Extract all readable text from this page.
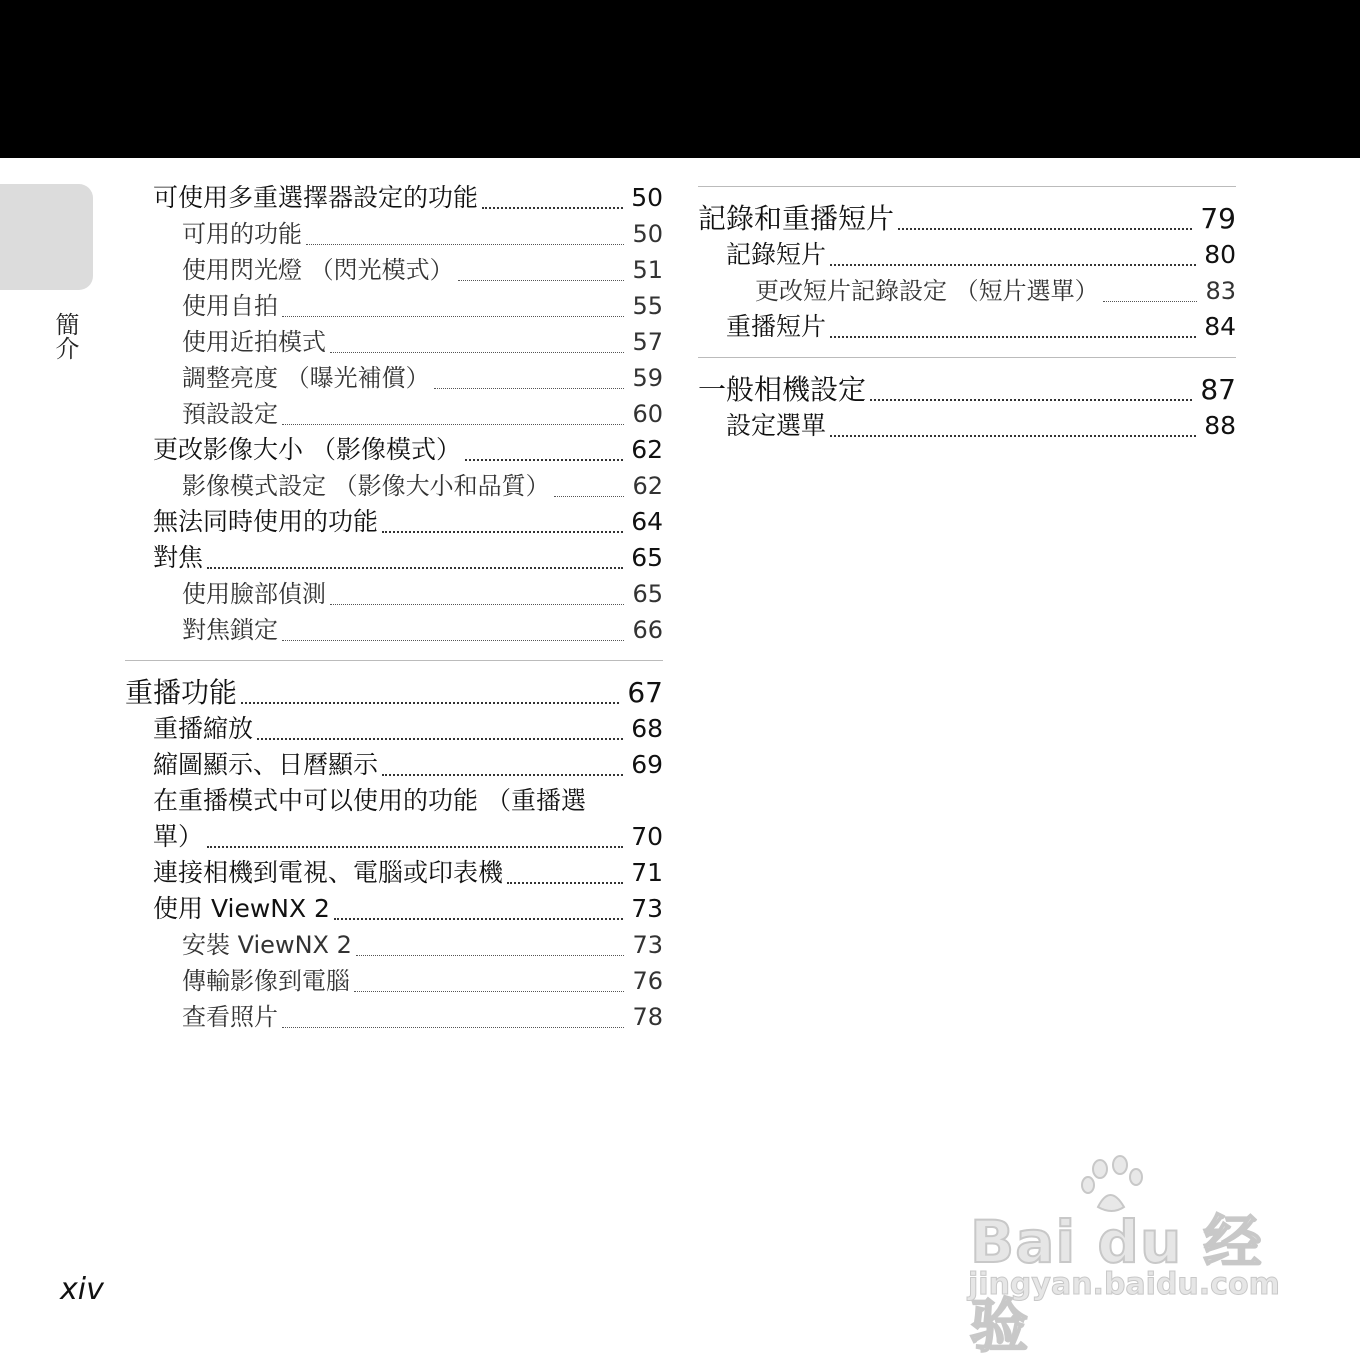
簡介
可使用多重選擇器設定的功能	50
可用的功能	50
使用閃光燈 （閃光模式）	51
使用自拍	55
使用近拍模式	57
調整亮度 （曝光補償）	59
預設設定	60
更改影像大小 （影像模式）	62
影像模式設定 （影像大小和品質）	62
無法同時使用的功能	64
對焦	65
使用臉部偵測	65
對焦鎖定	66
重播功能	67
重播縮放	68
縮圖顯示、日曆顯示	69
在重播模式中可以使用的功能 （重播選
單）	70
連接相機到電視、電腦或印表機	71
使用 ViewNX 2	73
安裝 ViewNX 2	73
傳輸影像到電腦	76
查看照片	78
記錄和重播短片	79
記錄短片	80
更改短片記錄設定 （短片選單）	83
重播短片	84
一般相機設定	87
設定選單	88
xiv
Bai du 经验
jingyan.baidu.com
